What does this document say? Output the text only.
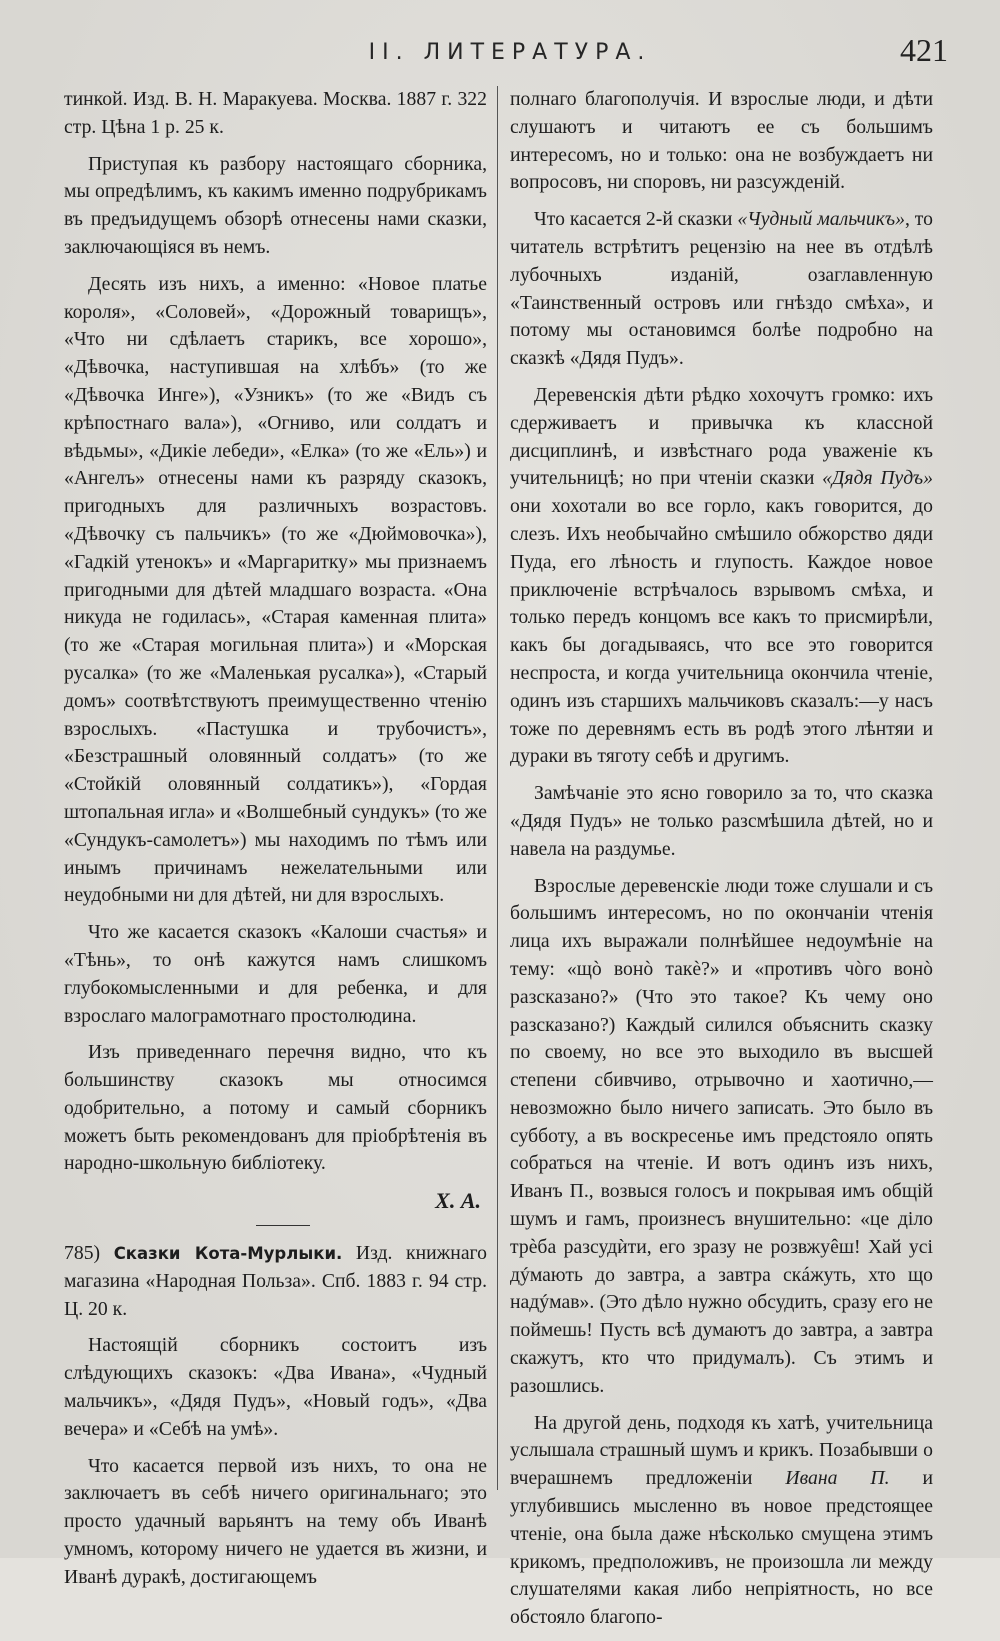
II. ЛИТЕРАТУРА.	421

тинкой. Изд. В. Н. Маракуева. Москва. 1887 г. 322 стр. Цѣна 1 р. 25 к.

Приступая къ разбору настоящаго сборника, мы опредѣлимъ, къ какимъ именно подрубрикамъ въ предъидущемъ обзорѣ отнесены нами сказки, заключающіяся въ немъ.

Десять изъ нихъ, а именно: «Новое платье короля», «Соловей», «Дорожный товарищъ», «Что ни сдѣлаетъ старикъ, все хорошо», «Дѣвочка, наступившая на хлѣбъ» (то же «Дѣвочка Инге»), «Узникъ» (то же «Видъ съ крѣпостнаго вала»), «Огниво, или солдатъ и вѣдьмы», «Дикіе лебеди», «Елка» (то же «Ель») и «Ангелъ» отнесены нами къ разряду сказокъ, пригодныхъ для различныхъ возрастовъ. «Дѣвочку съ пальчикъ» (то же «Дюймовочка»), «Гадкій утенокъ» и «Маргаритку» мы признаемъ пригодными для дѣтей младшаго возраста. «Она никуда не годилась», «Старая каменная плита» (то же «Старая могильная плита») и «Морская русалка» (то же «Маленькая русалка»), «Старый домъ» соотвѣтствуютъ преимущественно чтенію взрослыхъ. «Пастушка и трубочистъ», «Безстрашный оловянный солдатъ» (то же «Стойкій оловянный солдатикъ»), «Гордая штопальная игла» и «Волшебный сундукъ» (то же «Сундукъ-самолетъ») мы находимъ по тѣмъ или инымъ причинамъ нежелательными или неудобными ни для дѣтей, ни для взрослыхъ.

Что же касается сказокъ «Калоши счастья» и «Тѣнь», то онѣ кажутся намъ слишкомъ глубокомысленными и для ребенка, и для взрослаго малограмотнаго простолюдина.

Изъ приведеннаго перечня видно, что къ большинству сказокъ мы относимся одобрительно, а потому и самый сборникъ можетъ быть рекомендованъ для пріобрѣтенія въ народно-школьную библіотеку.

Х. А.

785) Сказки Кота-Мурлыки. Изд. книжнаго магазина «Народная Польза». Спб. 1883 г. 94 стр. Ц. 20 к.

Настоящій сборникъ состоитъ изъ слѣдующихъ сказокъ: «Два Ивана», «Чудный мальчикъ», «Дядя Пудъ», «Новый годъ», «Два вечера» и «Себѣ на умѣ».

Что касается первой изъ нихъ, то она не заключаетъ въ себѣ ничего оригинальнаго; это просто удачный варьянтъ на тему объ Иванѣ умномъ, которому ничего не удается въ жизни, и Иванѣ дуракѣ, достигающемъ

полнаго благополучія. И взрослые люди, и дѣти слушаютъ и читаютъ ее съ большимъ интересомъ, но и только: она не возбуждаетъ ни вопросовъ, ни споровъ, ни разсужденій.

Что касается 2-й сказки «Чудный мальчикъ», то читатель встрѣтитъ рецензію на нее въ отдѣлѣ лубочныхъ изданій, озаглавленную «Таинственный островъ или гнѣздо смѣха», и потому мы остановимся болѣе подробно на сказкѣ «Дядя Пудъ».

Деревенскія дѣти рѣдко хохочутъ громко: ихъ сдерживаетъ и привычка къ классной дисциплинѣ, и извѣстнаго рода уваженіе къ учительницѣ; но при чтеніи сказки «Дядя Пудъ» они хохотали во все горло, какъ говорится, до слезъ. Ихъ необычайно смѣшило обжорство дяди Пуда, его лѣность и глупость. Каждое новое приключеніе встрѣчалось взрывомъ смѣха, и только передъ концомъ все какъ то присмирѣли, какъ бы догадываясь, что все это говорится неспроста, и когда учительница окончила чтеніе, одинъ изъ старшихъ мальчиковъ сказалъ:—у насъ тоже по деревнямъ есть въ родѣ этого лѣнтяи и дураки въ тяготу себѣ и другимъ.

Замѣчаніе это ясно говорило за то, что сказка «Дядя Пудъ» не только разсмѣшила дѣтей, но и навела на раздумье.

Взрослые деревенскіе люди тоже слушали и съ большимъ интересомъ, но по окончаніи чтенія лица ихъ выражали полнѣйшее недоумѣніе на тему: «щò вонò такè?» и «противъ чòго вонò разсказано?» (Что это такое? Къ чему оно разсказано?) Каждый силился объяснить сказку по своему, но все это выходило въ высшей степени сбивчиво, отрывочно и хаотично,—невозможно было ничего записать. Это было въ субботу, а въ воскресенье имъ предстояло опять собраться на чтеніе. И вотъ одинъ изъ нихъ, Иванъ П., возвыся голосъ и покрывая имъ общій шумъ и гамъ, произнесъ внушительно: «це дiло трѐба разсудѝти, его зразу не розвжуêш! Хай усi дýмають до завтра, а завтра скáжуть, хто що надýмав». (Это дѣло нужно обсудить, сразу его не поймешь! Пусть всѣ думаютъ до завтра, а завтра скажутъ, кто что придумалъ). Съ этимъ и разошлись.

На другой день, подходя къ хатѣ, учительница услышала страшный шумъ и крикъ. Позабывши о вчерашнемъ предложеніи Ивана П. и углубившись мысленно въ новое предстоящее чтеніе, она была даже нѣсколько смущена этимъ крикомъ, предположивъ, не произошла ли между слушателями какая либо непріятность, но все обстояло благопо-
